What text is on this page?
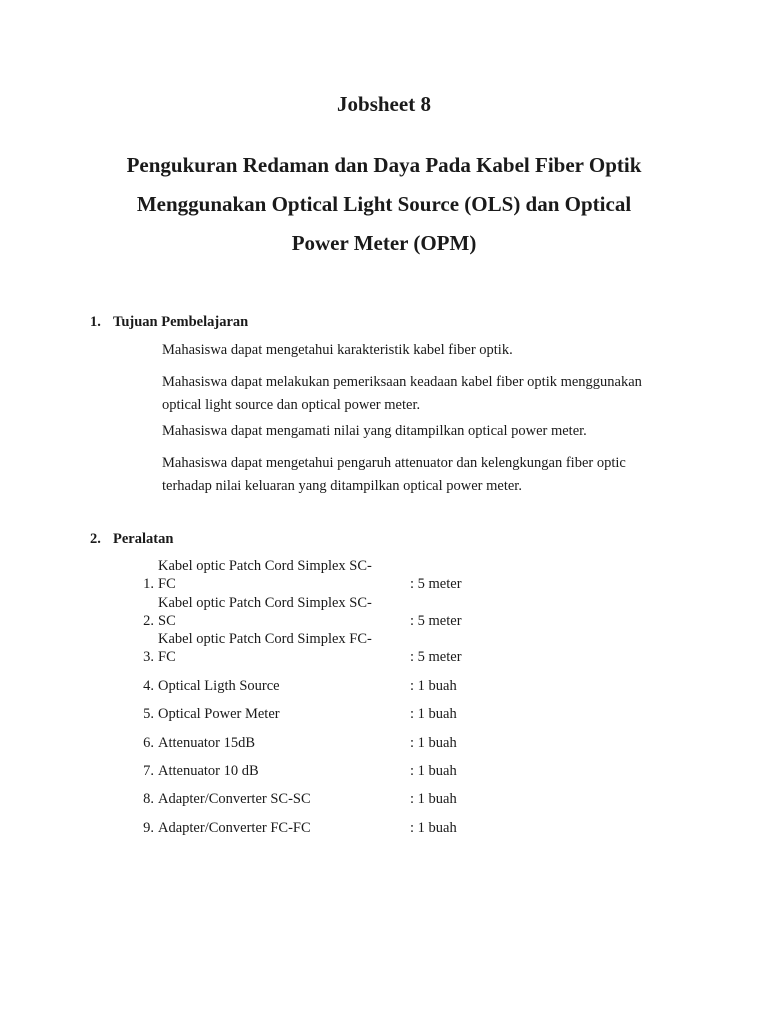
Jobsheet 8
Pengukuran Redaman dan Daya Pada Kabel Fiber Optik
Menggunakan Optical Light Source (OLS) dan Optical
Power Meter (OPM)
1. Tujuan Pembelajaran
Mahasiswa dapat mengetahui karakteristik kabel fiber optik.
Mahasiswa dapat melakukan pemeriksaan keadaan kabel fiber optik menggunakan optical light source dan optical power meter.
Mahasiswa dapat mengamati nilai yang ditampilkan optical power meter.
Mahasiswa dapat mengetahui pengaruh attenuator dan kelengkungan fiber optic terhadap nilai keluaran yang ditampilkan optical power meter.
2. Peralatan
Kabel optic Patch Cord Simplex SC-
1. FC	: 5 meter
Kabel optic Patch Cord Simplex SC-
2. SC	: 5 meter
Kabel optic Patch Cord Simplex FC-
3. FC	: 5 meter
4. Optical Ligth Source	: 1 buah
5. Optical Power Meter	: 1 buah
6. Attenuator 15dB	: 1 buah
7. Attenuator 10 dB	: 1 buah
8. Adapter/Converter SC-SC	: 1 buah
9. Adapter/Converter FC-FC	: 1 buah
